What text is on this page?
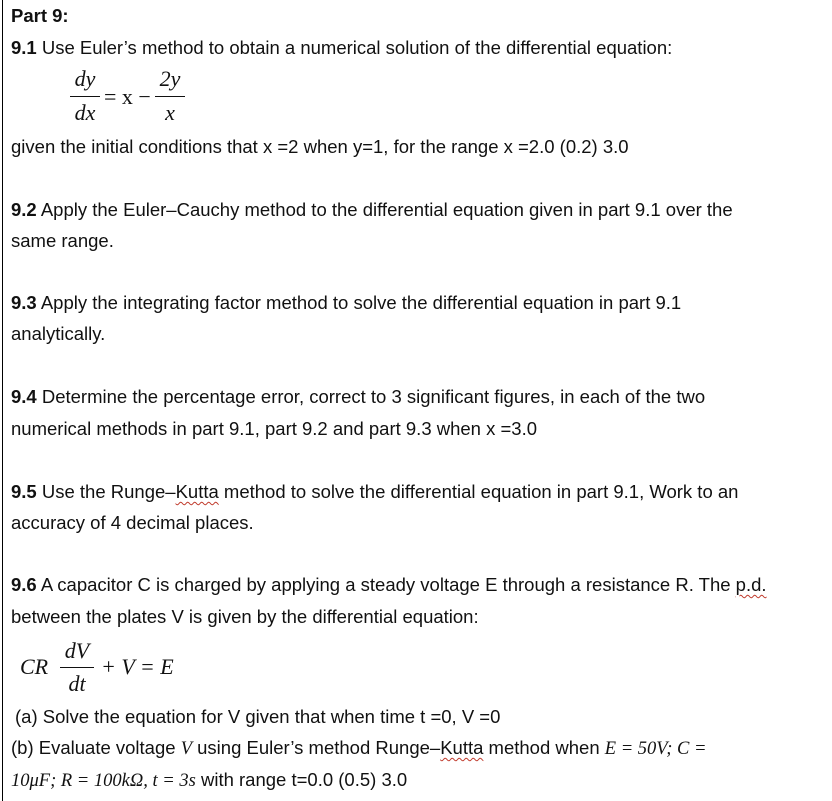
Part 9:
9.1 Use Euler’s method to obtain a numerical solution of the differential equation:
dy
dx
= x −
2y
x
given the initial conditions that x =2 when y=1, for the range x =2.0 (0.2) 3.0
9.2 Apply the Euler–Cauchy method to the differential equation given in part 9.1 over the
same range.
9.3 Apply the integrating factor method to solve the differential equation in part 9.1
analytically.
9.4 Determine the percentage error, correct to 3 significant figures, in each of the two
numerical methods in part 9.1, part 9.2 and part 9.3 when x =3.0
9.5 Use the Runge–Kutta method to solve the differential equation in part 9.1, Work to an
accuracy of 4 decimal places.
9.6 A capacitor C is charged by applying a steady voltage E through a resistance R. The p.d.
between the plates V is given by the differential equation:
CR
dV
dt
+ V = E
(a) Solve the equation for V given that when time t =0, V =0
(b) Evaluate voltage V using Euler’s method Runge–Kutta method when E = 50V; C =
10μF; R = 100kΩ, t = 3s with range t=0.0 (0.5) 3.0
